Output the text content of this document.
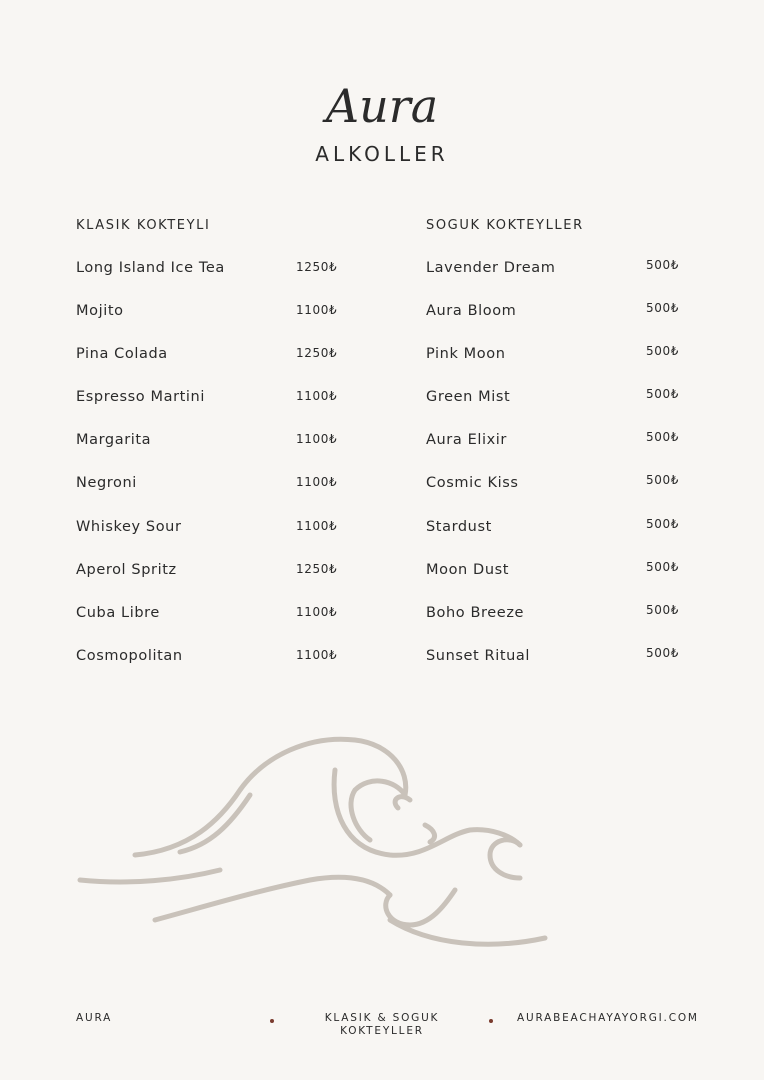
Aura
ALKOLLER
KLASIK KOKTEYLI	SOGUK KOKTEYLLER
Long Island Ice Tea	1250₺
Mojito	1100₺
Pina Colada	1250₺
Espresso Martini	1100₺
Margarita	1100₺
Negroni	1100₺
Whiskey Sour	1100₺
Aperol Spritz	1250₺
Cuba Libre	1100₺
Cosmopolitan	1100₺
Lavender Dream	500₺
Aura Bloom	500₺
Pink Moon	500₺
Green Mist	500₺
Aura Elixir	500₺
Cosmic Kiss	500₺
Stardust	500₺
Moon Dust	500₺
Boho Breeze	500₺
Sunset Ritual	500₺
AURA	KLASIK & SOGUK
KOKTEYLLER
AURABEACHAYAYORGI.COM
